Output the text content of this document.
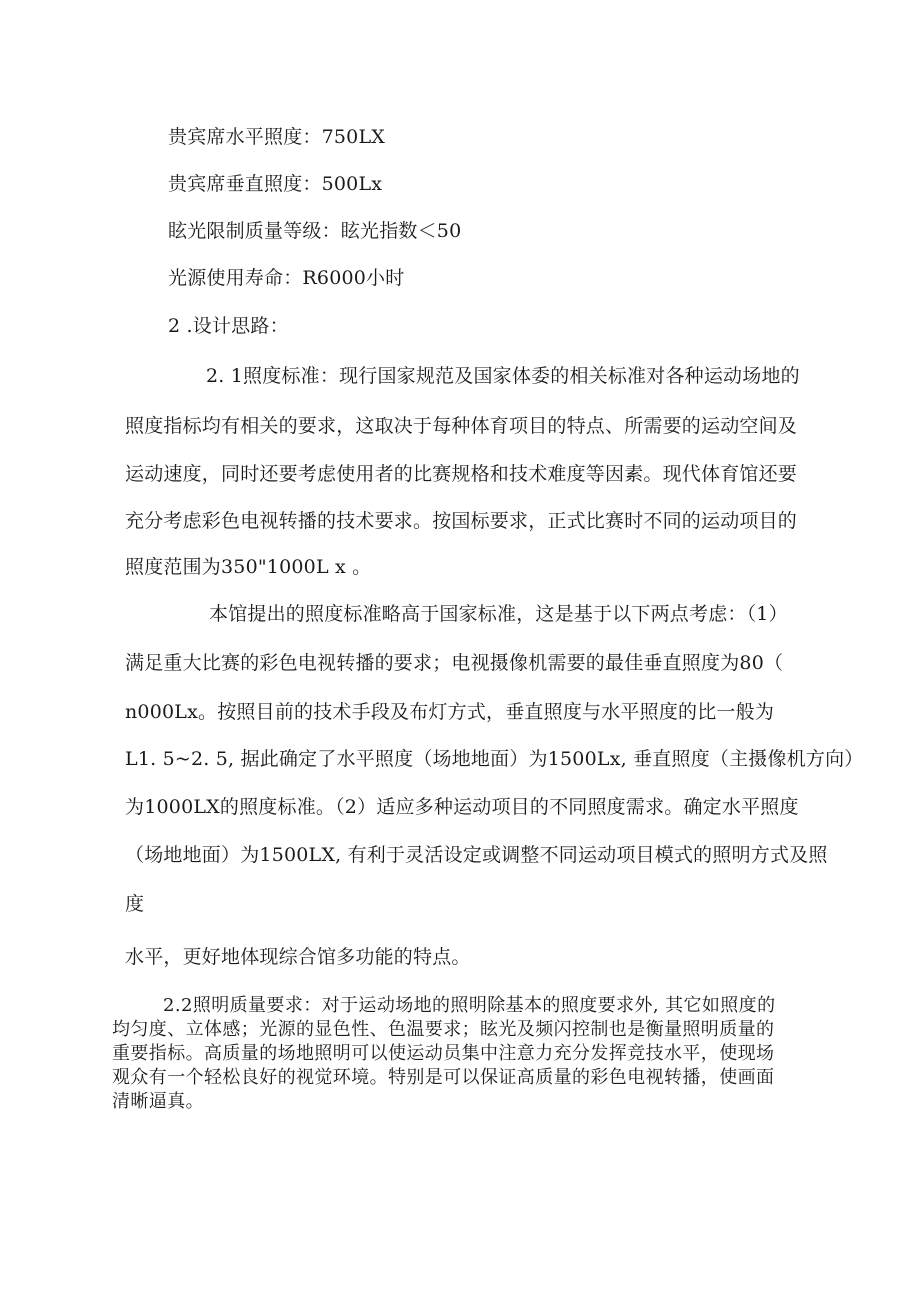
贵宾席水平照度：750LX
贵宾席垂直照度：500Lx
眩光限制质量等级：眩光指数＜50
光源使用寿命：R6000小时
2 .设计思路：
2. 1照度标准：现行国家规范及国家体委的相关标准对各种运动场地的
照度指标均有相关的要求，这取决于每种体育项目的特点、所需要的运动空间及
运动速度，同时还要考虑使用者的比赛规格和技术难度等因素。现代体育馆还要
充分考虑彩色电视转播的技术要求。按国标要求，正式比赛时不同的运动项目的
照度范围为350"1000L x 。
本馆提出的照度标准略高于国家标准，这是基于以下两点考虑：（1）
满足重大比赛的彩色电视转播的要求；电视摄像机需要的最佳垂直照度为80（
n000Lx。按照目前的技术手段及布灯方式，垂直照度与水平照度的比一般为
L1. 5~2. 5, 据此确定了水平照度（场地地面）为1500Lx, 垂直照度（主摄像机方向）
为1000LX的照度标准。（2）适应多种运动项目的不同照度需求。确定水平照度
（场地地面）为1500LX, 有利于灵活设定或调整不同运动项目模式的照明方式及照
度
水平，更好地体现综合馆多功能的特点。
2.2照明质量要求：对于运动场地的照明除基本的照度要求外, 其它如照度的
均匀度、立体感；光源的显色性、色温要求；眩光及频闪控制也是衡量照明质量的
重要指标。高质量的场地照明可以使运动员集中注意力充分发挥竞技水平，使现场
观众有一个轻松良好的视觉环境。特别是可以保证高质量的彩色电视转播，使画面
清晰逼真。
